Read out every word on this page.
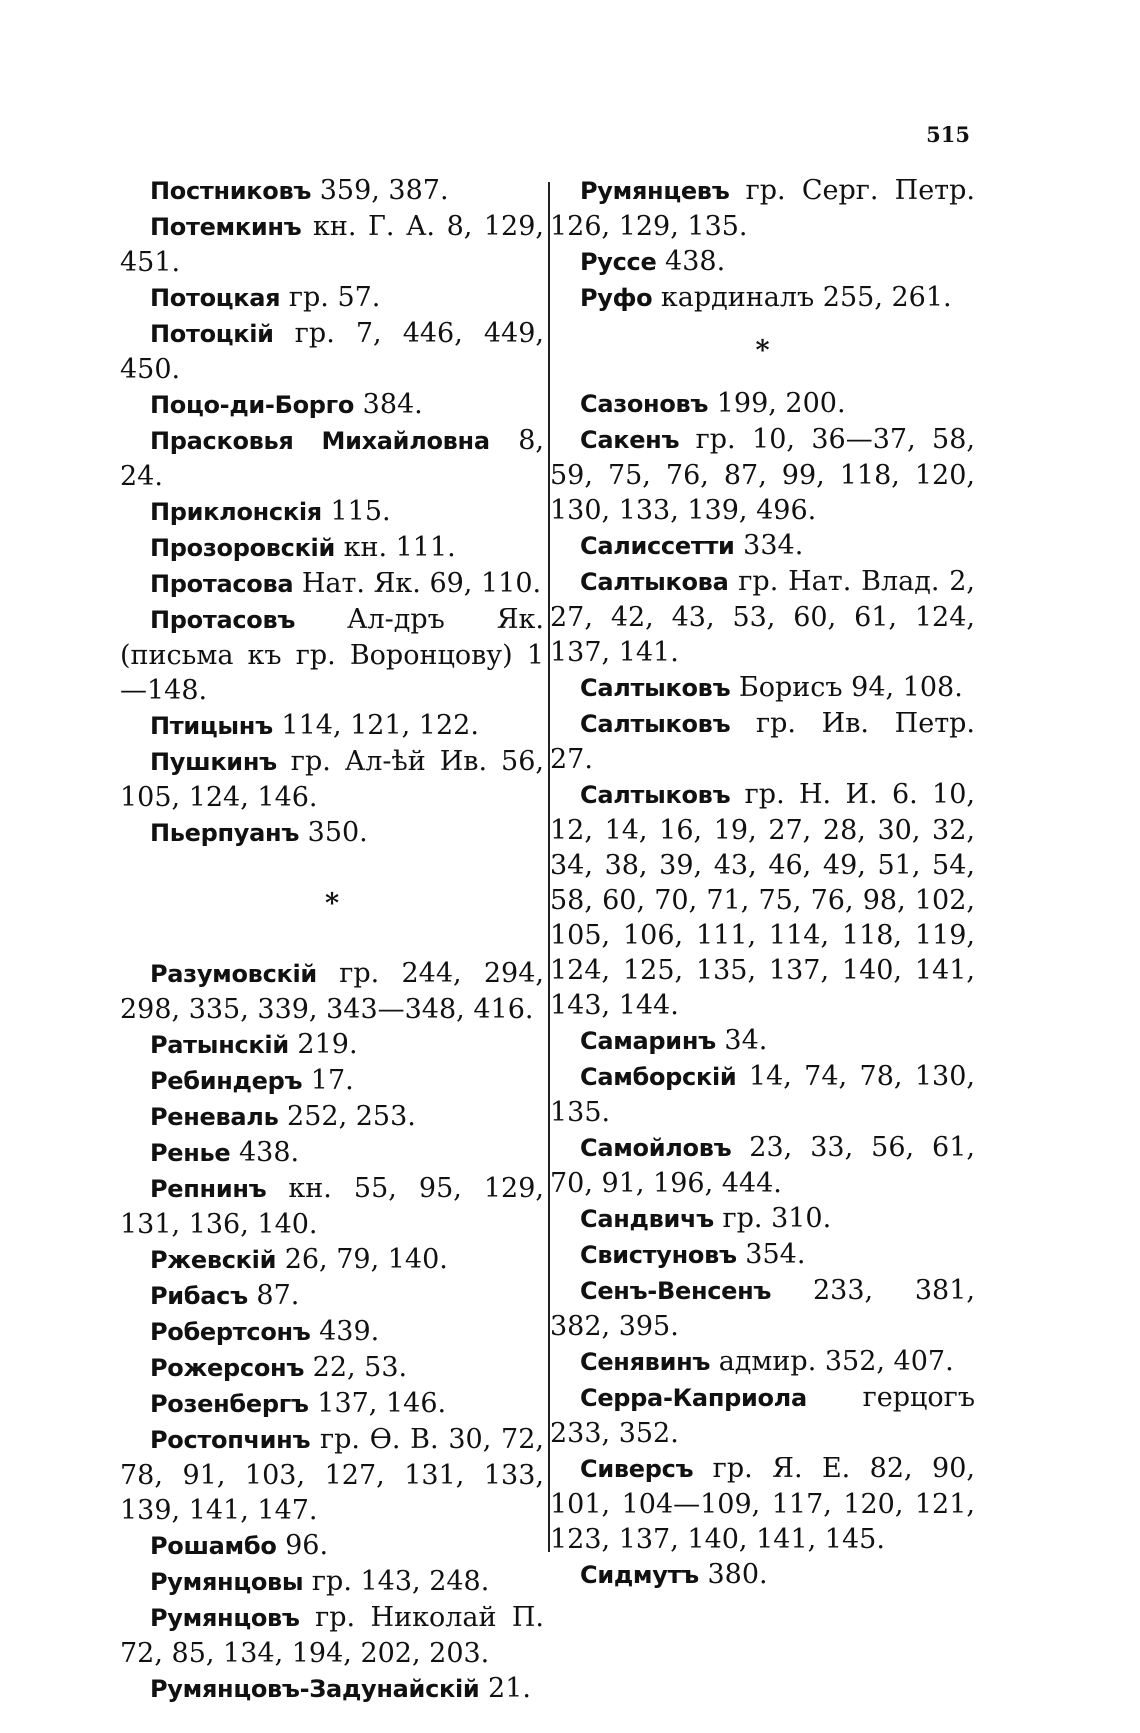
515

Постниковъ 359, 387.

Потемкинъ кн. Г. А. 8, 129, 451.

Потоцкая гр. 57.

Потоцкій гр. 7, 446, 449, 450.

Поцо-ди-Борго 384.

Прасковья Михайловна 8, 24.

Приклонскія 115.

Прозоровскій кн. 111.

Протасова Нат. Як. 69, 110.

Протасовъ Ал-дръ Як. (письма къ гр. Воронцову) 1—148.

Птицынъ 114, 121, 122.

Пушкинъ гр. Ал-ѣй Ив. 56, 105, 124, 146.

Пьерпуанъ 350.

*

Разумовскій гр. 244, 294, 298, 335, 339, 343—348, 416.

Ратынскій 219.

Ребиндеръ 17.

Реневаль 252, 253.

Ренье 438.

Репнинъ кн. 55, 95, 129, 131, 136, 140.

Ржевскій 26, 79, 140.

Рибасъ 87.

Робертсонъ 439.

Рожерсонъ 22, 53.

Розенбергъ 137, 146.

Ростопчинъ гр. Ѳ. В. 30, 72, 78, 91, 103, 127, 131, 133, 139, 141, 147.

Рошамбо 96.

Румянцовы гр. 143, 248.

Румянцовъ гр. Николай П. 72, 85, 134, 194, 202, 203.

Румянцовъ-Задунайскій 21.

Румянцевъ гр. Серг. Петр. 126, 129, 135.

Руссе 438.

Руфо кардиналъ 255, 261.

*

Сазоновъ 199, 200.

Сакенъ гр. 10, 36—37, 58, 59, 75, 76, 87, 99, 118, 120, 130, 133, 139, 496.

Салиссетти 334.

Салтыкова гр. Нат. Влад. 2, 27, 42, 43, 53, 60, 61, 124, 137, 141.

Салтыковъ Борисъ 94, 108.

Салтыковъ гр. Ив. Петр. 27.

Салтыковъ гр. Н. И. 6. 10, 12, 14, 16, 19, 27, 28, 30, 32, 34, 38, 39, 43, 46, 49, 51, 54, 58, 60, 70, 71, 75, 76, 98, 102, 105, 106, 111, 114, 118, 119, 124, 125, 135, 137, 140, 141, 143, 144.

Самаринъ 34.

Самборскій 14, 74, 78, 130, 135.

Самойловъ 23, 33, 56, 61, 70, 91, 196, 444.

Сандвичъ гр. 310.

Свистуновъ 354.

Сенъ-Венсенъ 233, 381, 382, 395.

Сенявинъ адмир. 352, 407.

Серра-Каприола герцогъ 233, 352.

Сиверсъ гр. Я. Е. 82, 90, 101, 104—109, 117, 120, 121, 123, 137, 140, 141, 145.

Сидмутъ 380.
